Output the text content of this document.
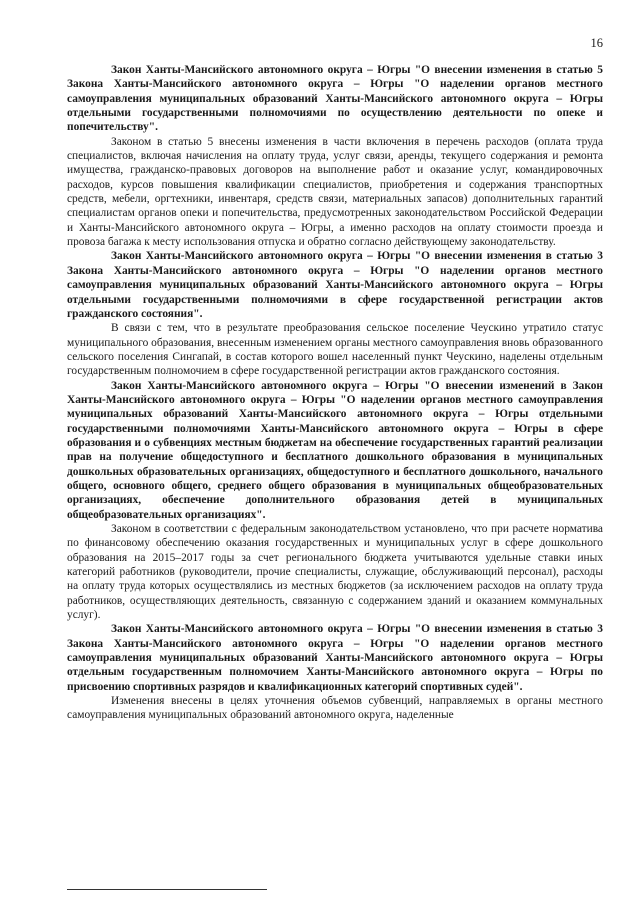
16

Закон Ханты-Мансийского автономного округа – Югры "О внесении изменения в статью 5 Закона Ханты-Мансийского автономного округа – Югры "О наделении органов местного самоуправления муниципальных образований Ханты-Мансийского автономного округа – Югры отдельными государственными полномочиями по осуществлению деятельности по опеке и попечительству".

Законом в статью 5 внесены изменения в части включения в перечень расходов (оплата труда специалистов, включая начисления на оплату труда, услуг связи, аренды, текущего содержания и ремонта имущества, гражданско-правовых договоров на выполнение работ и оказание услуг, командировочных расходов, курсов повышения квалификации специалистов, приобретения и содержания транспортных средств, мебели, оргтехники, инвентаря, средств связи, материальных запасов) дополнительных гарантий специалистам органов опеки и попечительства, предусмотренных законодательством Российской Федерации и Ханты-Мансийского автономного округа – Югры, а именно расходов на оплату стоимости проезда и провоза багажа к месту использования отпуска и обратно согласно действующему законодательству.

Закон Ханты-Мансийского автономного округа – Югры "О внесении изменения в статью 3 Закона Ханты-Мансийского автономного округа – Югры "О наделении органов местного самоуправления муниципальных образований Ханты-Мансийского автономного округа – Югры отдельными государственными полномочиями в сфере государственной регистрации актов гражданского состояния".

В связи с тем, что в результате преобразования сельское поселение Чеускино утратило статус муниципального образования, внесенным изменением органы местного самоуправления вновь образованного сельского поселения Сингапай, в состав которого вошел населенный пункт Чеускино, наделены отдельным государственным полномочием в сфере государственной регистрации актов гражданского состояния.

Закон Ханты-Мансийского автономного округа – Югры "О внесении изменений в Закон Ханты-Мансийского автономного округа – Югры "О наделении органов местного самоуправления муниципальных образований Ханты-Мансийского автономного округа – Югры отдельными государственными полномочиями Ханты-Мансийского автономного округа – Югры в сфере образования и о субвенциях местным бюджетам на обеспечение государственных гарантий реализации прав на получение общедоступного и бесплатного дошкольного образования в муниципальных дошкольных образовательных организациях, общедоступного и бесплатного дошкольного, начального общего, основного общего, среднего общего образования в муниципальных общеобразовательных организациях, обеспечение дополнительного образования детей в муниципальных общеобразовательных организациях".

Законом в соответствии с федеральным законодательством установлено, что при расчете норматива по финансовому обеспечению оказания государственных и муниципальных услуг в сфере дошкольного образования на 2015–2017 годы за счет регионального бюджета учитываются удельные ставки иных категорий работников (руководители, прочие специалисты, служащие, обслуживающий персонал), расходы на оплату труда которых осуществлялись из местных бюджетов (за исключением расходов на оплату труда работников, осуществляющих деятельность, связанную с содержанием зданий и оказанием коммунальных услуг).

Закон Ханты-Мансийского автономного округа – Югры "О внесении изменения в статью 3 Закона Ханты-Мансийского автономного округа – Югры "О наделении органов местного самоуправления муниципальных образований Ханты-Мансийского автономного округа – Югры отдельным государственным полномочием Ханты-Мансийского автономного округа – Югры по присвоению спортивных разрядов и квалификационных категорий спортивных судей".

Изменения внесены в целях уточнения объемов субвенций, направляемых в органы местного самоуправления муниципальных образований автономного округа, наделенные
